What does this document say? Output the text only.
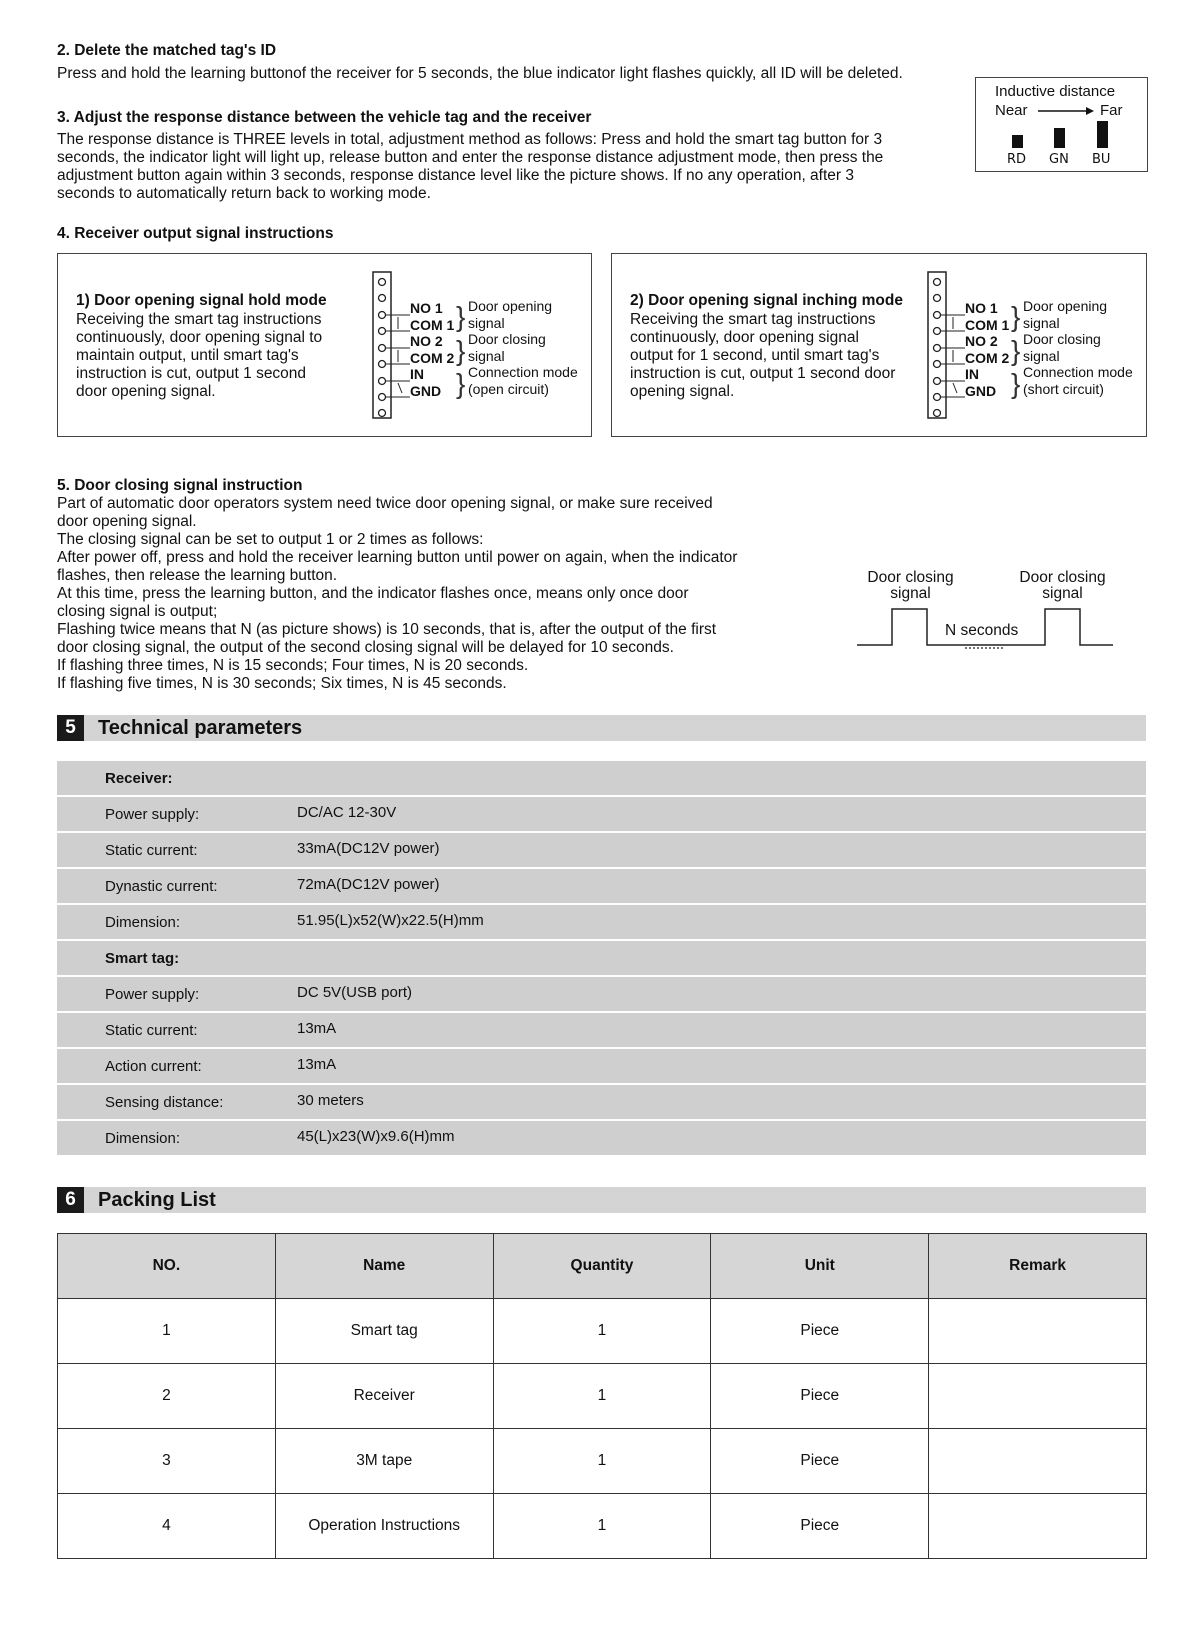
2. Delete the matched tag's ID
Press and hold the learning buttonof the receiver for 5 seconds, the blue indicator light flashes quickly, all ID will be deleted.
3. Adjust the response distance between the vehicle tag and the receiver
The response distance is THREE levels in total, adjustment method as follows: Press and hold the smart tag button for 3
seconds, the indicator light will light up, release button and enter the response distance adjustment mode, then press the
adjustment button again within 3 seconds, response distance level like the picture shows. If no any operation, after 3
seconds to automatically return back to working mode.
Inductive distance
Near	Far
RD GN BU
4. Receiver output signal instructions
1) Door opening signal hold mode
Receiving the smart tag instructions
continuously, door opening signal to
maintain output, until smart tag's
instruction is cut, output 1 second
door opening signal.
NO 1
COM 1
NO 2
COM 2
IN
GND
}
}
}
Door opening
signal
Door closing
signal
Connection mode
(open circuit)
2) Door opening signal inching mode
Receiving the smart tag instructions
continuously, door opening signal
output for 1 second, until smart tag's
instruction is cut, output 1 second door
opening signal.
NO 1
COM 1
NO 2
COM 2
IN
GND
}
}
}
Door opening
signal
Door closing
signal
Connection mode
(short circuit)
5. Door closing signal instruction
Part of automatic door operators system need twice door opening signal, or make sure received
door opening signal.
The closing signal can be set to output 1 or 2 times as follows:
After power off, press and hold the receiver learning button until power on again, when the indicator
flashes, then release the learning button.
At this time, press the learning button, and the indicator flashes once, means only once door
closing signal is output;
Flashing twice means that N (as picture shows) is 10 seconds, that is, after the output of the first
door closing signal, the output of the second closing signal will be delayed for 10 seconds.
If flashing three times, N is 15 seconds; Four times, N is 20 seconds.
If flashing five times, N is 30 seconds; Six times, N is 45 seconds.
Door closing
signal
Door closing
signal
N seconds
5	Technical parameters
Receiver:
Power supply:	DC/AC 12-30V
Static current:	33mA(DC12V power)
Dynastic current:	72mA(DC12V power)
Dimension:	51.95(L)x52(W)x22.5(H)mm
Smart tag:
Power supply:	DC 5V(USB port)
Static current:	13mA
Action current:	13mA
Sensing distance:	30 meters
Dimension:	45(L)x23(W)x9.6(H)mm
6	Packing List
NO.	Name	Quantity	Unit	Remark
1	Smart tag	1	Piece	
2	Receiver	1	Piece	
3	3M tape	1	Piece	
4	Operation Instructions	1	Piece	
